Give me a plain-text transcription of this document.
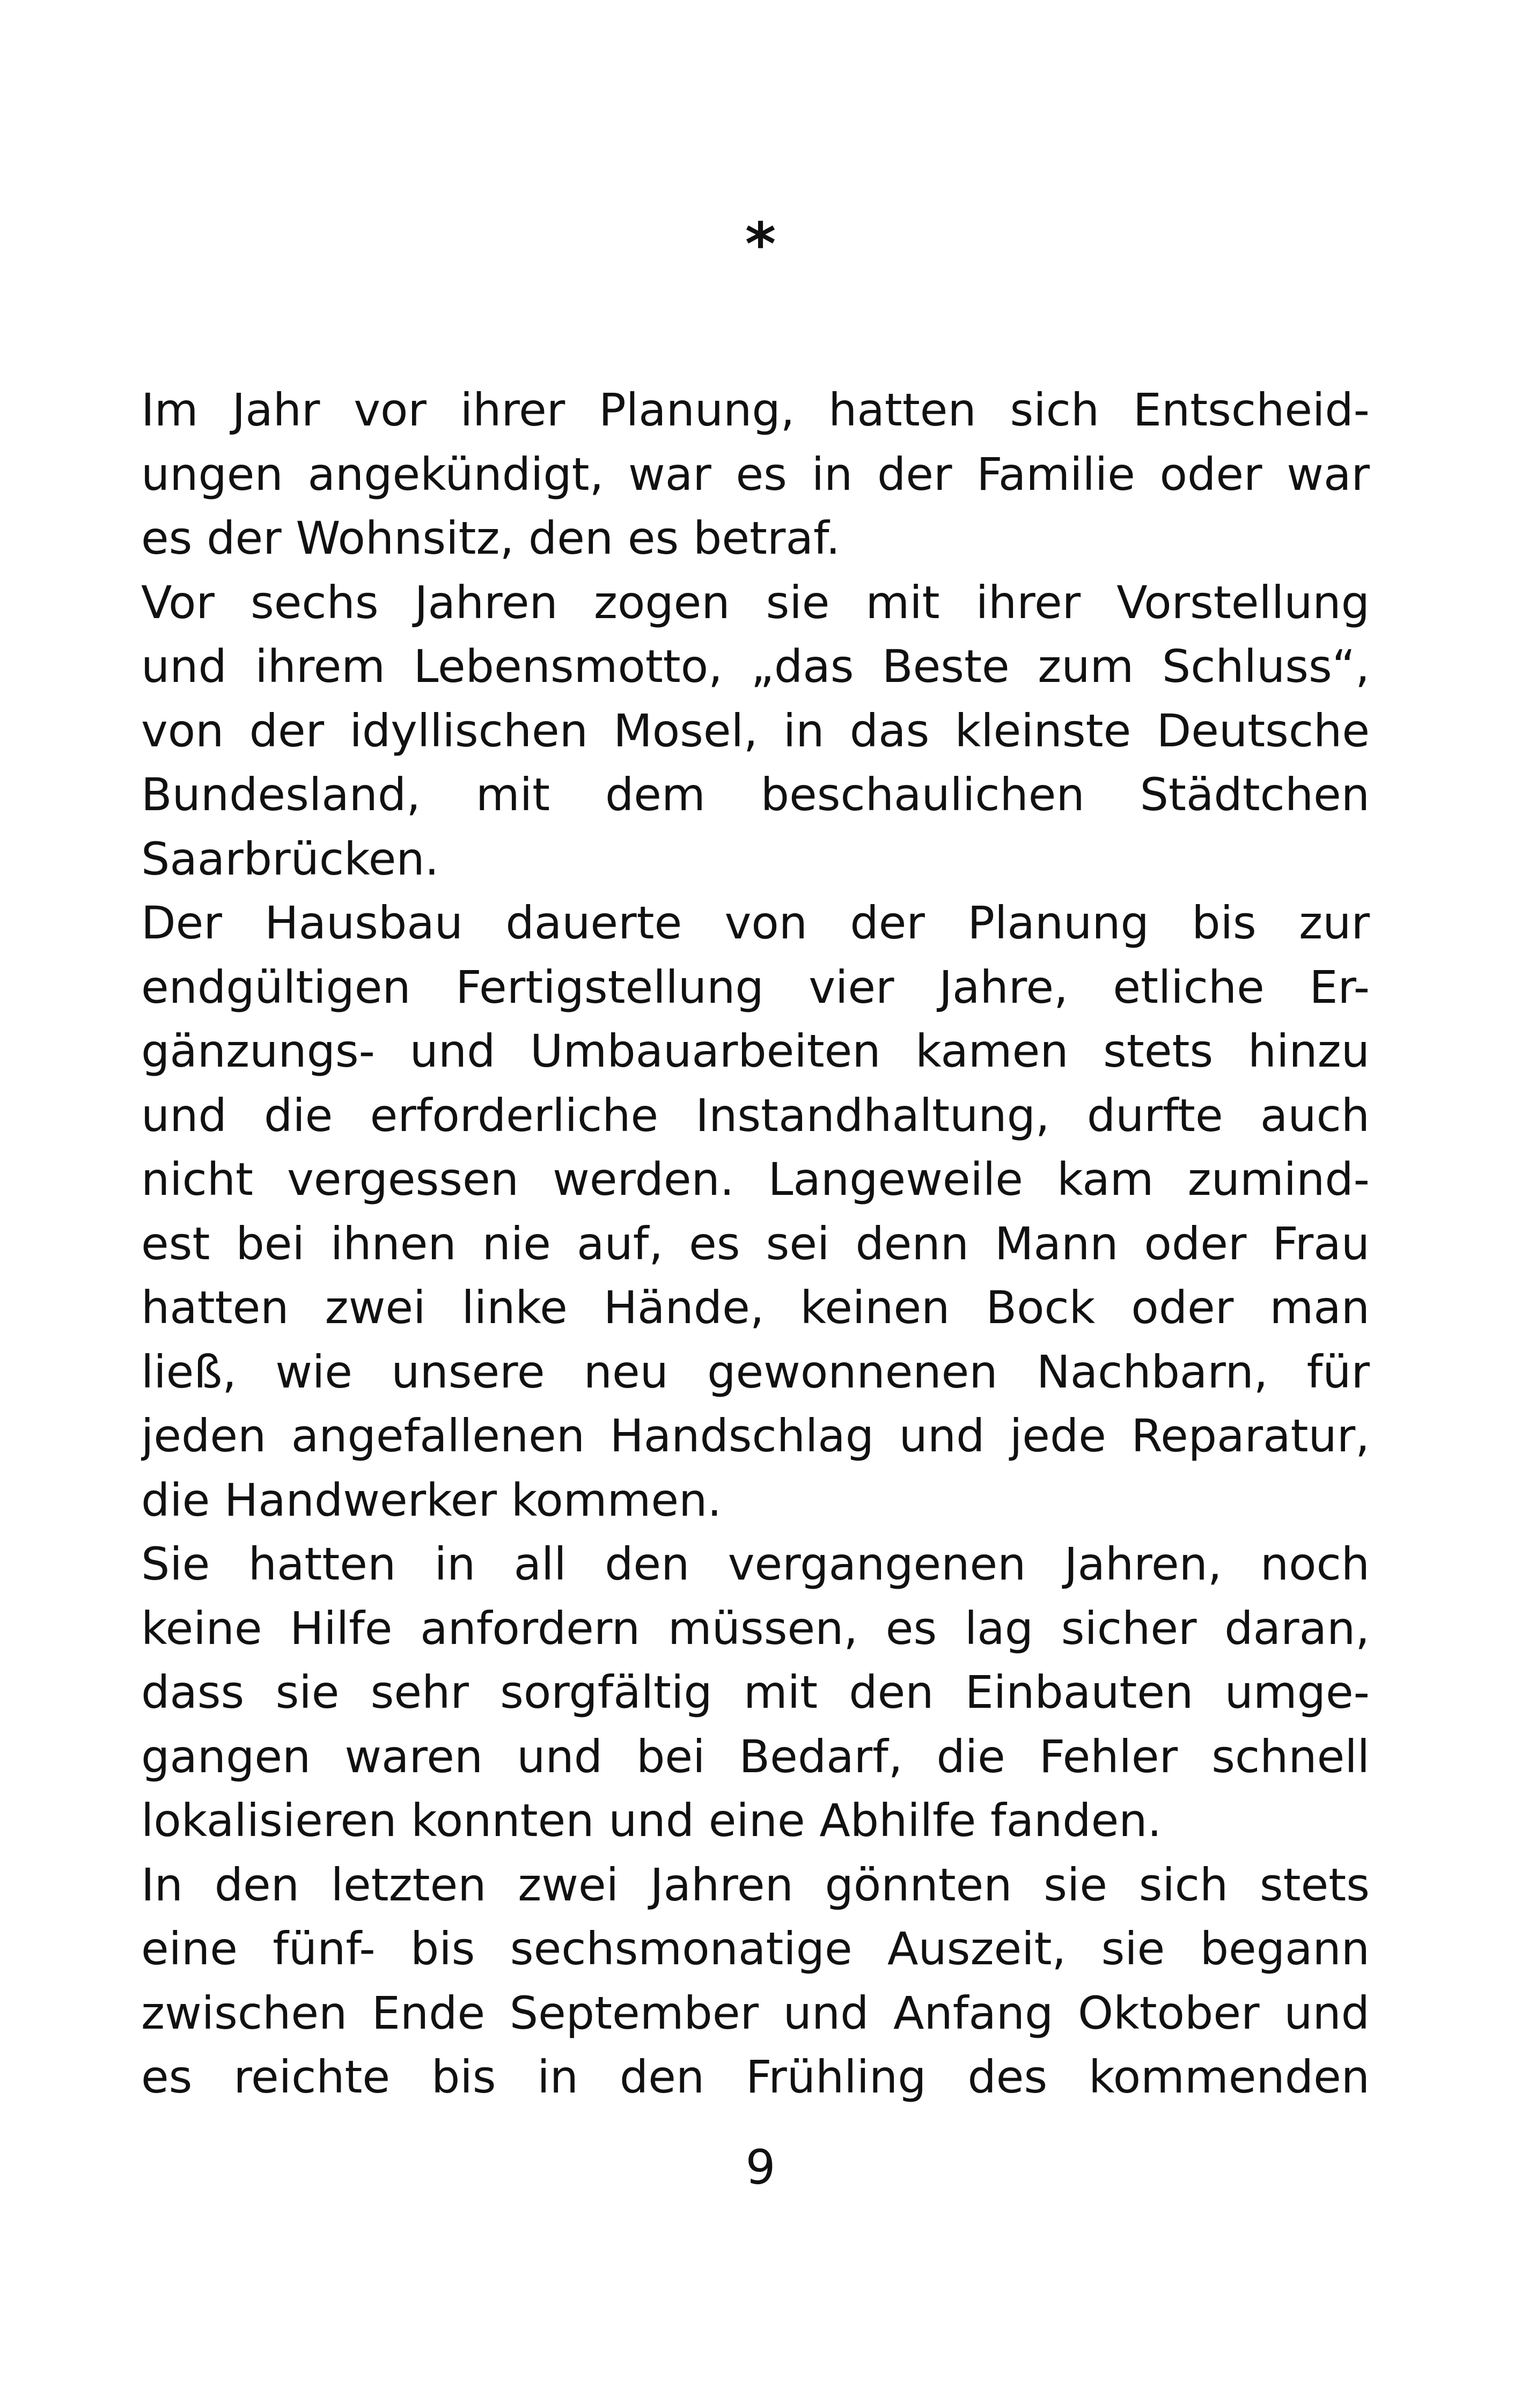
*
Im Jahr vor ihrer Planung, hatten sich Entscheid-
ungen angekündigt, war es in der Familie oder war
es der Wohnsitz, den es betraf.
Vor sechs Jahren zogen sie mit ihrer Vorstellung
und ihrem Lebensmotto, „das Beste zum Schluss“,
von der idyllischen Mosel, in das kleinste Deutsche
Bundesland, mit dem beschaulichen Städtchen
Saarbrücken.
Der Hausbau dauerte von der Planung bis zur
endgültigen Fertigstellung vier Jahre, etliche Er-
gänzungs- und Umbauarbeiten kamen stets hinzu
und die erforderliche Instandhaltung, durfte auch
nicht vergessen werden. Langeweile kam zumind-
est bei ihnen nie auf, es sei denn Mann oder Frau
hatten zwei linke Hände, keinen Bock oder man
ließ, wie unsere neu gewonnenen Nachbarn, für
jeden angefallenen Handschlag und jede Reparatur,
die Handwerker kommen.
Sie hatten in all den vergangenen Jahren, noch
keine Hilfe anfordern müssen, es lag sicher daran,
dass sie sehr sorgfältig mit den Einbauten umge-
gangen waren und bei Bedarf, die Fehler schnell
lokalisieren konnten und eine Abhilfe fanden.
In den letzten zwei Jahren gönnten sie sich stets
eine fünf- bis sechsmonatige Auszeit, sie begann
zwischen Ende September und Anfang Oktober und
es reichte bis in den Frühling des kommenden
9
